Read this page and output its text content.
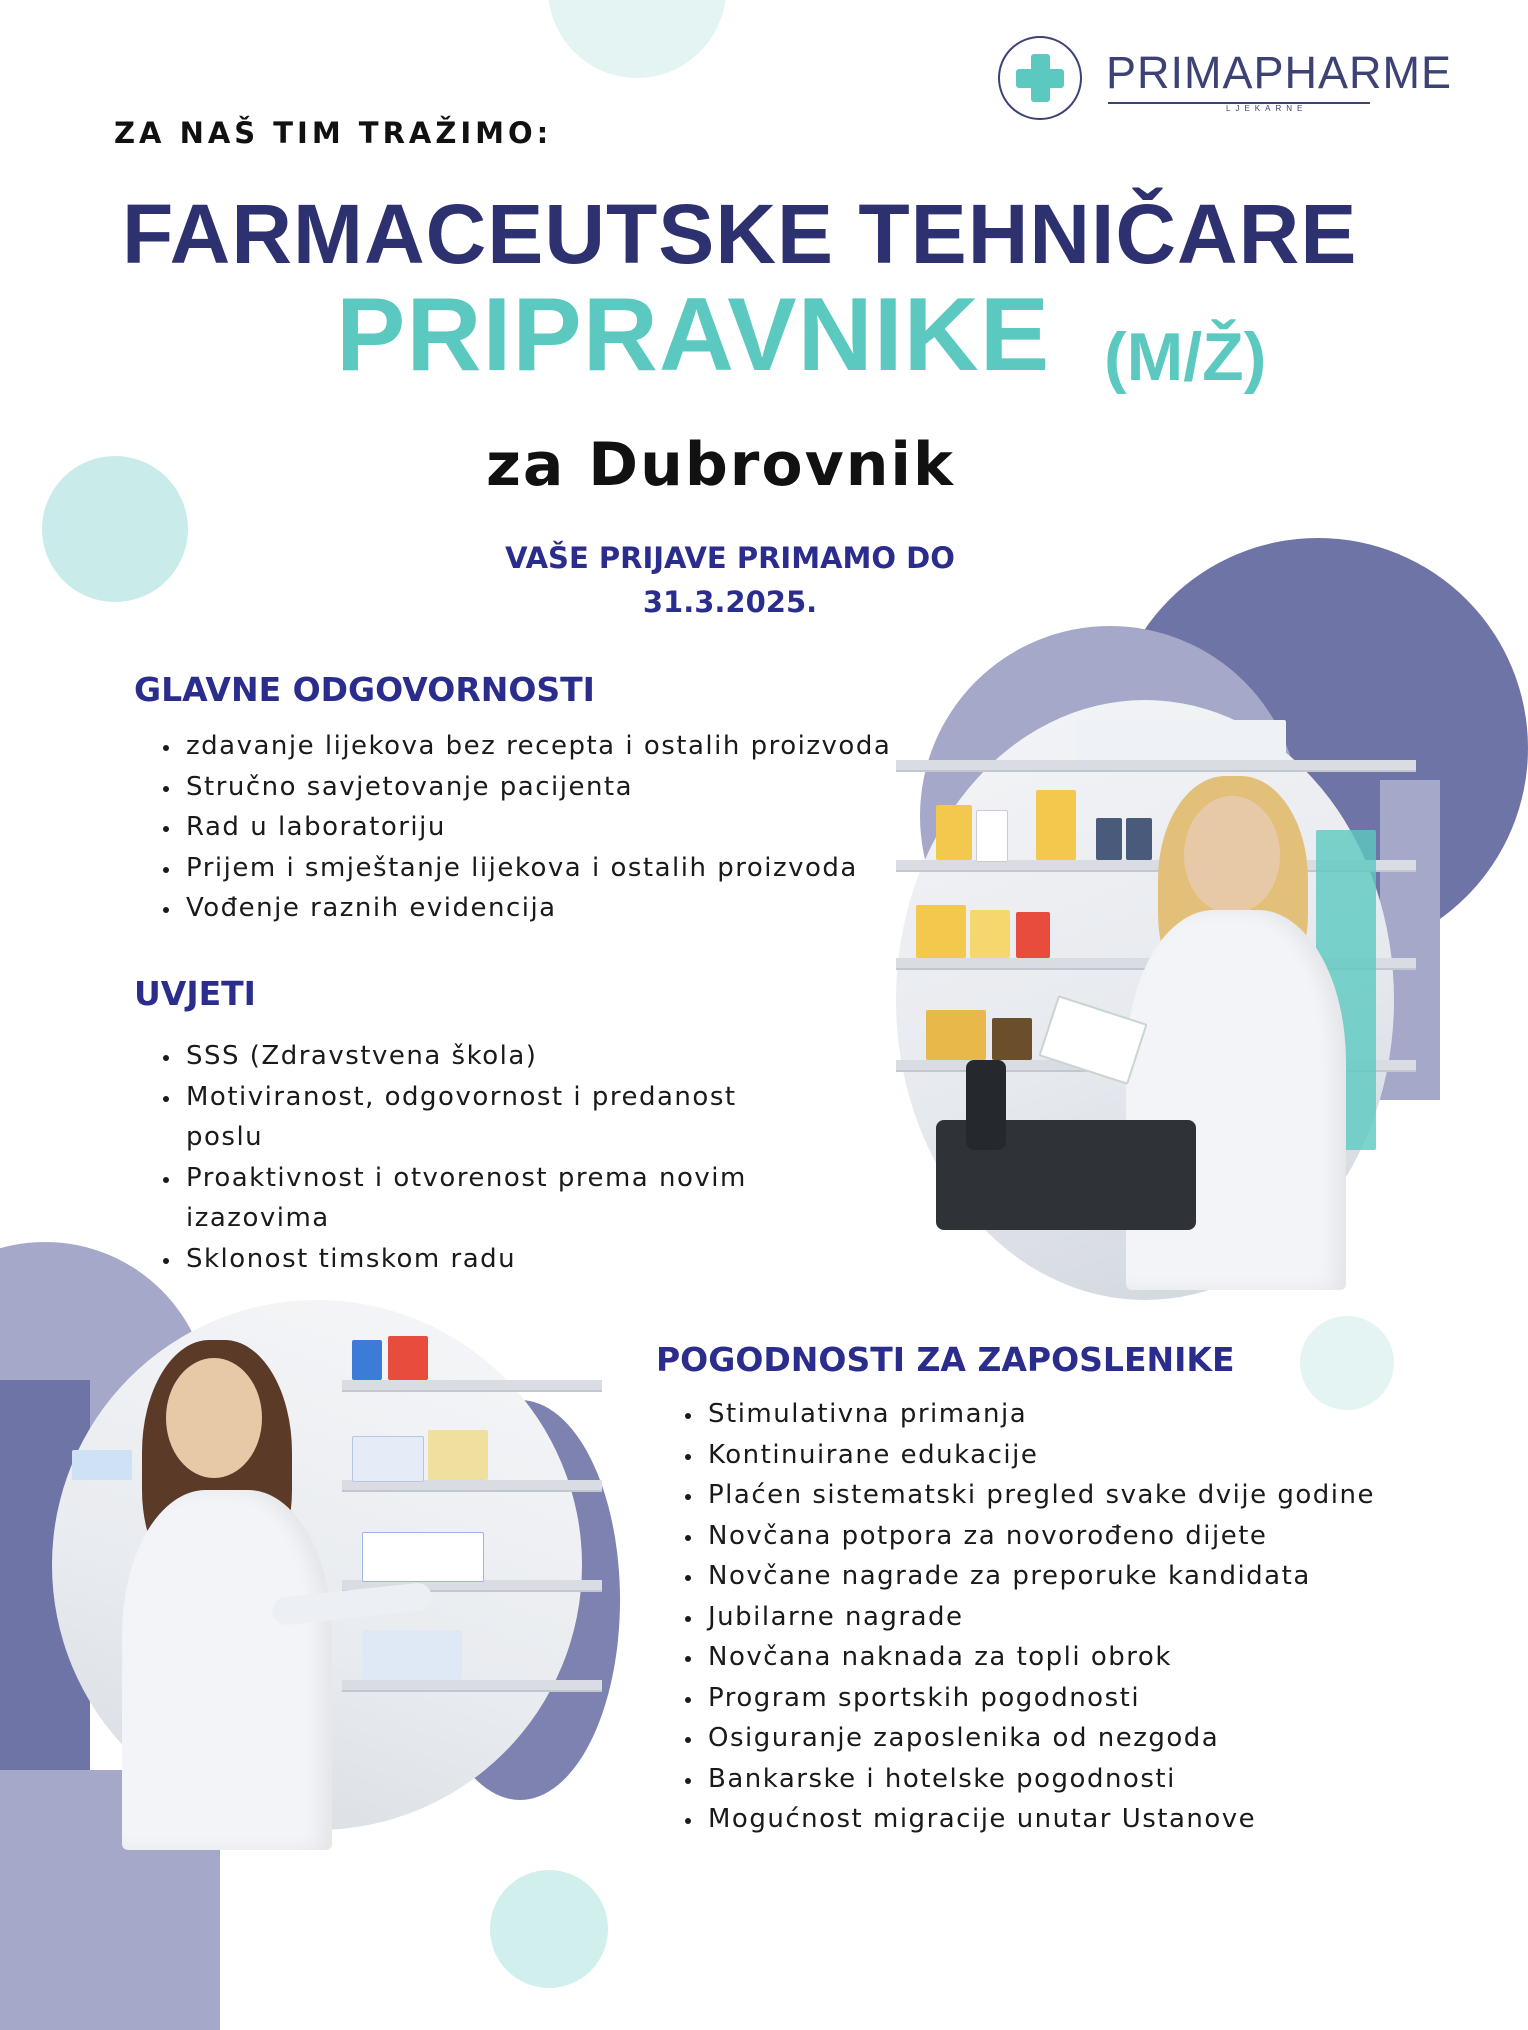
PRIMAPHARME
LJEKARNE
ZA NAŠ TIM TRAŽIMO:
FARMACEUTSKE TEHNIČARE
PRIPRAVNIKE (M/Ž)
za Dubrovnik
VAŠE PRIJAVE PRIMAMO DO
31.3.2025.
GLAVNE ODGOVORNOSTI
• zdavanje lijekova bez recepta i ostalih proizvoda
• Stručno savjetovanje pacijenta
• Rad u laboratoriju
• Prijem i smještanje lijekova i ostalih proizvoda
• Vođenje raznih evidencija
UVJETI
• SSS (Zdravstvena škola)
• Motiviranost, odgovornost i predanost poslu
• Proaktivnost i otvorenost prema novim izazovima
• Sklonost timskom radu
POGODNOSTI ZA ZAPOSLENIKE
• Stimulativna primanja
• Kontinuirane edukacije
• Plaćen sistematski pregled svake dvije godine
• Novčana potpora za novorođeno dijete
• Novčane nagrade za preporuke kandidata
• Jubilarne nagrade
• Novčana naknada za topli obrok
• Program sportskih pogodnosti
• Osiguranje zaposlenika od nezgoda
• Bankarske i hotelske pogodnosti
• Mogućnost migracije unutar Ustanove
